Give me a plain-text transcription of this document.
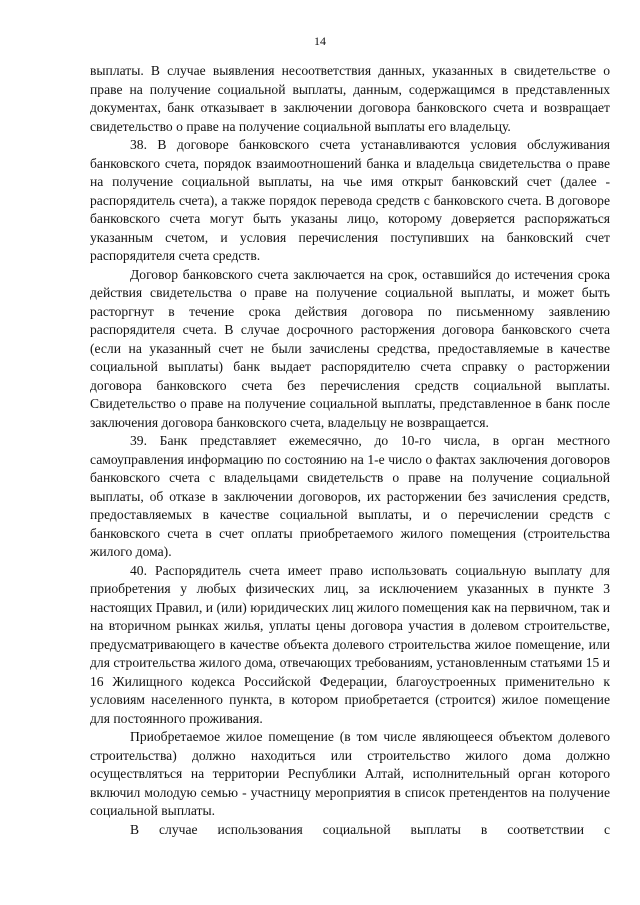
14

выплаты. В случае выявления несоответствия данных, указанных в свидетельстве о праве на получение социальной выплаты, данным, содержащимся в представленных документах, банк отказывает в заключении договора банковского счета и возвращает свидетельство о праве на получение социальной выплаты его владельцу.

38. В договоре банковского счета устанавливаются условия обслуживания банковского счета, порядок взаимоотношений банка и владельца свидетельства о праве на получение социальной выплаты, на чье имя открыт банковский счет (далее - распорядитель счета), а также порядок перевода средств с банковского счета. В договоре банковского счета могут быть указаны лицо, которому доверяется распоряжаться указанным счетом, и условия перечисления поступивших на банковский счет распорядителя счета средств.

Договор банковского счета заключается на срок, оставшийся до истечения срока действия свидетельства о праве на получение социальной выплаты, и может быть расторгнут в течение срока действия договора по письменному заявлению распорядителя счета. В случае досрочного расторжения договора банковского счета (если на указанный счет не были зачислены средства, предоставляемые в качестве социальной выплаты) банк выдает распорядителю счета справку о расторжении договора банковского счета без перечисления средств социальной выплаты. Свидетельство о праве на получение социальной выплаты, представленное в банк после заключения договора банковского счета, владельцу не возвращается.

39. Банк представляет ежемесячно, до 10-го числа, в орган местного самоуправления информацию по состоянию на 1-е число о фактах заключения договоров банковского счета с владельцами свидетельств о праве на получение социальной выплаты, об отказе в заключении договоров, их расторжении без зачисления средств, предоставляемых в качестве социальной выплаты, и о перечислении средств с банковского счета в счет оплаты приобретаемого жилого помещения (строительства жилого дома).

40. Распорядитель счета имеет право использовать социальную выплату для приобретения у любых физических лиц, за исключением указанных в пункте 3 настоящих Правил, и (или) юридических лиц жилого помещения как на первичном, так и на вторичном рынках жилья, уплаты цены договора участия в долевом строительстве, предусматривающего в качестве объекта долевого строительства жилое помещение, или для строительства жилого дома, отвечающих требованиям, установленным статьями 15 и 16 Жилищного кодекса Российской Федерации, благоустроенных применительно к условиям населенного пункта, в котором приобретается (строится) жилое помещение для постоянного проживания.

Приобретаемое жилое помещение (в том числе являющееся объектом долевого строительства) должно находиться или строительство жилого дома должно осуществляться на территории Республики Алтай, исполнительный орган которого включил молодую семью - участницу мероприятия в список претендентов на получение социальной выплаты.

В случае использования социальной выплаты в соответствии с
